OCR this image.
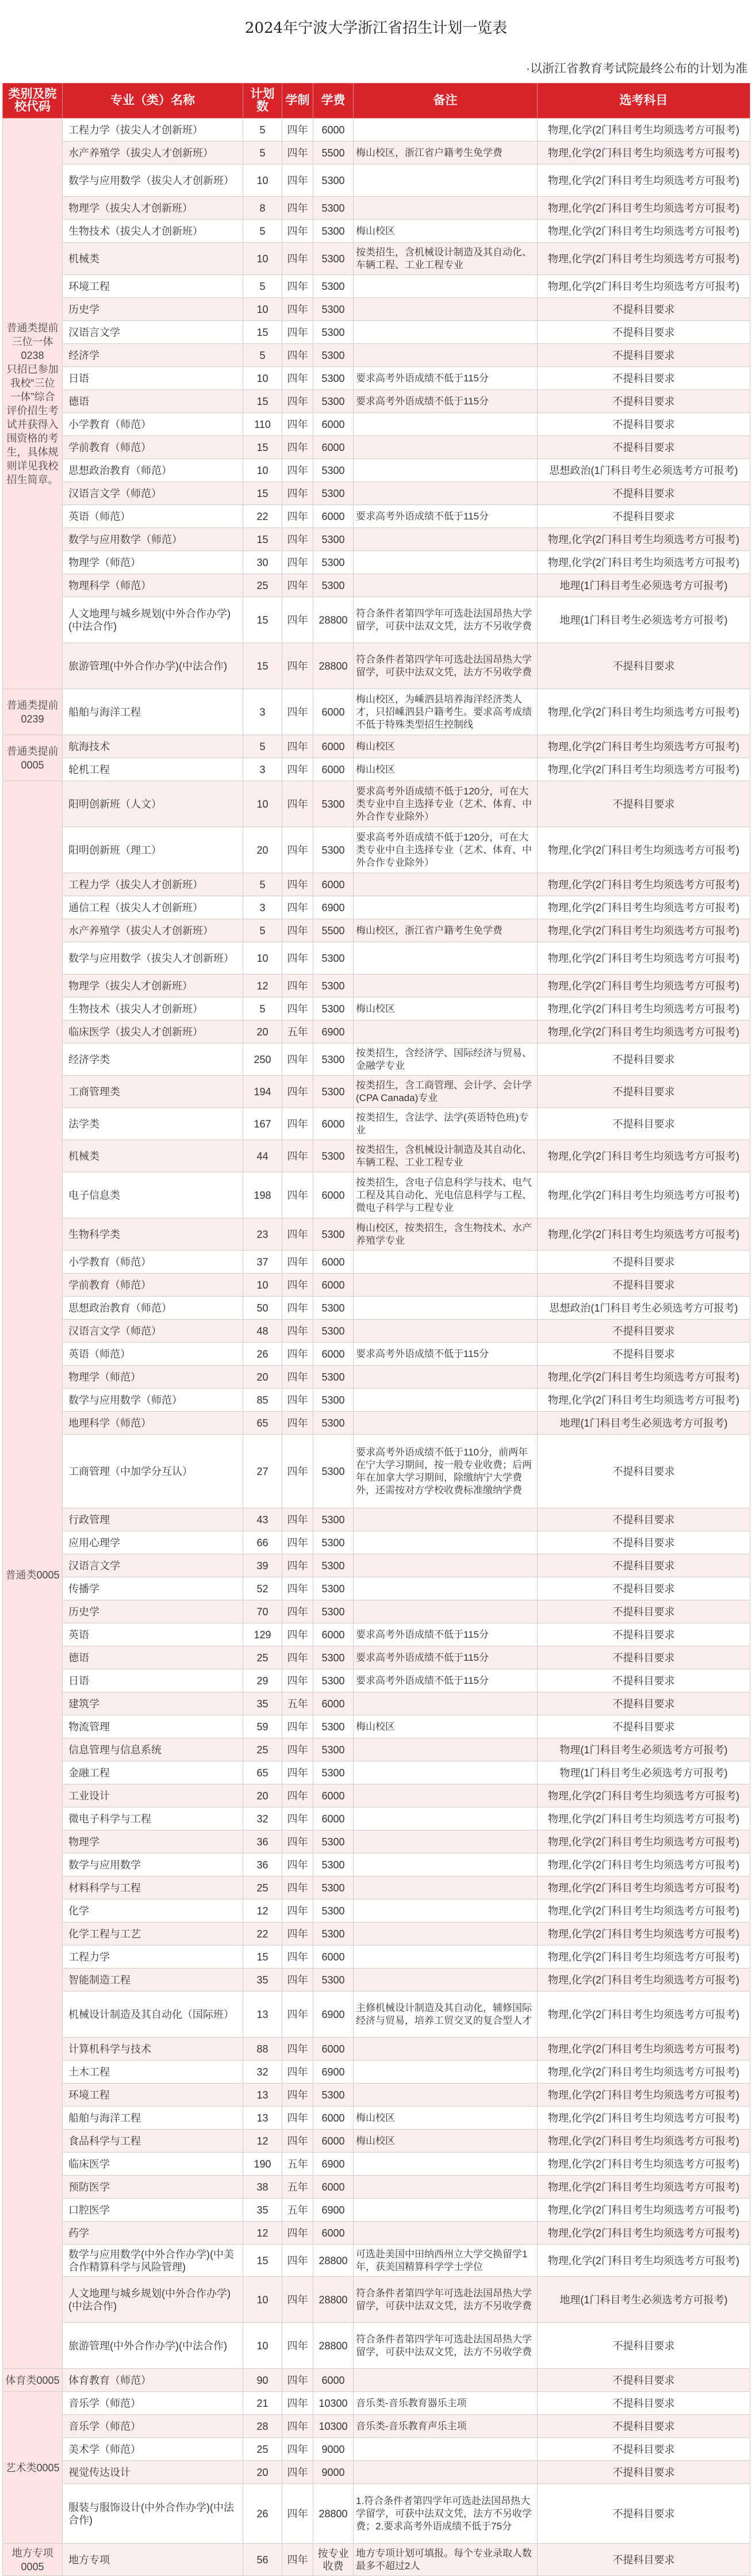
2024年宁波大学浙江省招生计划一览表
·以浙江省教育考试院最终公布的计划为准
类别及院校代码	专业（类）名称	计划数	学制	学费	备注	选考科目
普通类提前三位一体0238
只招已参加我校“三位一体”综合评价招生考试并获得入围资格的考生，具体规则详见我校招生简章。	工程力学（拔尖人才创新班）	5	四年	6000		物理,化学(2门科目考生均须选考方可报考)
	水产养殖学（拔尖人才创新班）	5	四年	5500	梅山校区，浙江省户籍考生免学费	物理,化学(2门科目考生均须选考方可报考)
	数学与应用数学（拔尖人才创新班）	10	四年	5300		物理,化学(2门科目考生均须选考方可报考)
	物理学（拔尖人才创新班）	8	四年	5300		物理,化学(2门科目考生均须选考方可报考)
	生物技术（拔尖人才创新班）	5	四年	5300	梅山校区	物理,化学(2门科目考生均须选考方可报考)
	机械类	10	四年	5300	按类招生，含机械设计制造及其自动化、车辆工程、工业工程专业	物理,化学(2门科目考生均须选考方可报考)
	环境工程	5	四年	5300		物理,化学(2门科目考生均须选考方可报考)
	历史学	10	四年	5300		不提科目要求
	汉语言文学	15	四年	5300		不提科目要求
	经济学	5	四年	5300		不提科目要求
	日语	10	四年	5300	要求高考外语成绩不低于115分	不提科目要求
	德语	15	四年	5300	要求高考外语成绩不低于115分	不提科目要求
	小学教育（师范）	110	四年	6000		不提科目要求
	学前教育（师范）	15	四年	6000		不提科目要求
	思想政治教育（师范）	10	四年	5300		思想政治(1门科目考生必须选考方可报考)
	汉语言文学（师范）	15	四年	5300		不提科目要求
	英语（师范）	22	四年	6000	要求高考外语成绩不低于115分	不提科目要求
	数学与应用数学（师范）	15	四年	5300		物理,化学(2门科目考生均须选考方可报考)
	物理学（师范）	30	四年	5300		物理,化学(2门科目考生均须选考方可报考)
	物理科学（师范）	25	四年	5300		地理(1门科目考生必须选考方可报考)
	人文地理与城乡规划(中外合作办学)(中法合作)	15	四年	28800	符合条件者第四学年可选赴法国昂热大学留学，可获中法双文凭，法方不另收学费	地理(1门科目考生必须选考方可报考)
	旅游管理(中外合作办学)(中法合作)	15	四年	28800	符合条件者第四学年可选赴法国昂热大学留学，可获中法双文凭，法方不另收学费	不提科目要求
普通类提前0239	船舶与海洋工程	3	四年	6000	梅山校区，为嵊泗县培养海洋经济类人才，只招嵊泗县户籍考生。要求高考成绩不低于特殊类型招生控制线	物理,化学(2门科目考生均须选考方可报考)
普通类提前0005	航海技术	5	四年	6000	梅山校区	物理,化学(2门科目考生均须选考方可报考)
	轮机工程	3	四年	6000	梅山校区	物理,化学(2门科目考生均须选考方可报考)
普通类0005	阳明创新班（人文）	10	四年	5300	要求高考外语成绩不低于120分，可在大类专业中自主选择专业（艺术、体育、中外合作专业除外）	不提科目要求
	阳明创新班（理工）	20	四年	5300	要求高考外语成绩不低于120分，可在大类专业中自主选择专业（艺术、体育、中外合作专业除外）	物理,化学(2门科目考生均须选考方可报考)
	工程力学（拔尖人才创新班）	5	四年	6000		物理,化学(2门科目考生均须选考方可报考)
	通信工程（拔尖人才创新班）	3	四年	6900		物理,化学(2门科目考生均须选考方可报考)
	水产养殖学（拔尖人才创新班）	5	四年	5500	梅山校区，浙江省户籍考生免学费	物理,化学(2门科目考生均须选考方可报考)
	数学与应用数学（拔尖人才创新班）	10	四年	5300		物理,化学(2门科目考生均须选考方可报考)
	物理学（拔尖人才创新班）	12	四年	5300		物理,化学(2门科目考生均须选考方可报考)
	生物技术（拔尖人才创新班）	5	四年	5300	梅山校区	物理,化学(2门科目考生均须选考方可报考)
	临床医学（拔尖人才创新班）	20	五年	6900		物理,化学(2门科目考生均须选考方可报考)
	经济学类	250	四年	5300	按类招生，含经济学、国际经济与贸易、金融学专业	不提科目要求
	工商管理类	194	四年	5300	按类招生，含工商管理、会计学、会计学(CPA Canada)专业	不提科目要求
	法学类	167	四年	6000	按类招生，含法学、法学(英语特色班)专业	不提科目要求
	机械类	44	四年	5300	按类招生，含机械设计制造及其自动化、车辆工程、工业工程专业	物理,化学(2门科目考生均须选考方可报考)
	电子信息类	198	四年	6000	按类招生，含电子信息科学与技术、电气工程及其自动化、光电信息科学与工程、微电子科学与工程专业	物理,化学(2门科目考生均须选考方可报考)
	生物科学类	23	四年	5300	梅山校区，按类招生，含生物技术、水产养殖学专业	物理,化学(2门科目考生均须选考方可报考)
	小学教育（师范）	37	四年	6000		不提科目要求
	学前教育（师范）	10	四年	6000		不提科目要求
	思想政治教育（师范）	50	四年	5300		思想政治(1门科目考生必须选考方可报考)
	汉语言文学（师范）	48	四年	5300		不提科目要求
	英语（师范）	26	四年	6000	要求高考外语成绩不低于115分	不提科目要求
	物理学（师范）	20	四年	5300		物理,化学(2门科目考生均须选考方可报考)
	数学与应用数学（师范）	85	四年	5300		物理,化学(2门科目考生均须选考方可报考)
	地理科学（师范）	65	四年	5300		地理(1门科目考生必须选考方可报考)
	工商管理（中加学分互认）	27	四年	5300	要求高考外语成绩不低于110分，前两年在宁大学习期间，按一般专业收费；后两年在加拿大学习期间，除缴纳宁大学费外，还需按对方学校收费标准缴纳学费	不提科目要求
	行政管理	43	四年	5300		不提科目要求
	应用心理学	66	四年	5300		不提科目要求
	汉语言文学	39	四年	5300		不提科目要求
	传播学	52	四年	5300		不提科目要求
	历史学	70	四年	5300		不提科目要求
	英语	129	四年	6000	要求高考外语成绩不低于115分	不提科目要求
	德语	25	四年	5300	要求高考外语成绩不低于115分	不提科目要求
	日语	29	四年	5300	要求高考外语成绩不低于115分	不提科目要求
	建筑学	35	五年	6000		不提科目要求
	物流管理	59	四年	5300	梅山校区	不提科目要求
	信息管理与信息系统	25	四年	5300		物理(1门科目考生必须选考方可报考)
	金融工程	65	四年	5300		物理(1门科目考生必须选考方可报考)
	工业设计	20	四年	6000		物理,化学(2门科目考生均须选考方可报考)
	微电子科学与工程	32	四年	6000		物理,化学(2门科目考生均须选考方可报考)
	物理学	36	四年	5300		物理,化学(2门科目考生均须选考方可报考)
	数学与应用数学	36	四年	5300		物理,化学(2门科目考生均须选考方可报考)
	材料科学与工程	25	四年	5300		物理,化学(2门科目考生均须选考方可报考)
	化学	12	四年	5300		物理,化学(2门科目考生均须选考方可报考)
	化学工程与工艺	22	四年	5300		物理,化学(2门科目考生均须选考方可报考)
	工程力学	15	四年	6000		物理,化学(2门科目考生均须选考方可报考)
	智能制造工程	35	四年	5300		物理,化学(2门科目考生均须选考方可报考)
	机械设计制造及其自动化（国际班）	13	四年	6900	主修机械设计制造及其自动化，辅修国际经济与贸易，培养工贸交叉的复合型人才	物理,化学(2门科目考生均须选考方可报考)
	计算机科学与技术	88	四年	6000		物理,化学(2门科目考生均须选考方可报考)
	土木工程	32	四年	6900		物理,化学(2门科目考生均须选考方可报考)
	环境工程	13	四年	5300		物理,化学(2门科目考生均须选考方可报考)
	船舶与海洋工程	13	四年	6000	梅山校区	物理,化学(2门科目考生均须选考方可报考)
	食品科学与工程	12	四年	6000	梅山校区	物理,化学(2门科目考生均须选考方可报考)
	临床医学	190	五年	6900		物理,化学(2门科目考生均须选考方可报考)
	预防医学	38	五年	6000		物理,化学(2门科目考生均须选考方可报考)
	口腔医学	35	五年	6900		物理,化学(2门科目考生均须选考方可报考)
	药学	12	四年	6000		物理,化学(2门科目考生均须选考方可报考)
	数学与应用数学(中外合作办学)(中美合作精算科学与风险管理)	15	四年	28800	可选赴美国中田纳西州立大学交换留学1年，获美国精算科学学士学位	物理,化学(2门科目考生均须选考方可报考)
	人文地理与城乡规划(中外合作办学)(中法合作)	10	四年	28800	符合条件者第四学年可选赴法国昂热大学留学，可获中法双文凭，法方不另收学费	地理(1门科目考生必须选考方可报考)
	旅游管理(中外合作办学)(中法合作)	10	四年	28800	符合条件者第四学年可选赴法国昂热大学留学，可获中法双文凭，法方不另收学费	不提科目要求
体育类0005	体育教育（师范）	90	四年	6000		不提科目要求
艺术类0005	音乐学（师范）	21	四年	10300	音乐类-音乐教育器乐主项	不提科目要求
	音乐学（师范）	28	四年	10300	音乐类-音乐教育声乐主项	不提科目要求
	美术学（师范）	25	四年	9000		不提科目要求
	视觉传达设计	20	四年	9000		不提科目要求
	服装与服饰设计(中外合作办学)(中法合作)	26	四年	28800	1.符合条件者第四学年可选赴法国昂热大学留学，可获中法双文凭，法方不另收学费；2.要求高考外语成绩不低于75分	不提科目要求
地方专项0005	地方专项	56	四年	按专业收费	地方专项计划可填报。每个专业录取人数最多不超过2人	不提科目要求
